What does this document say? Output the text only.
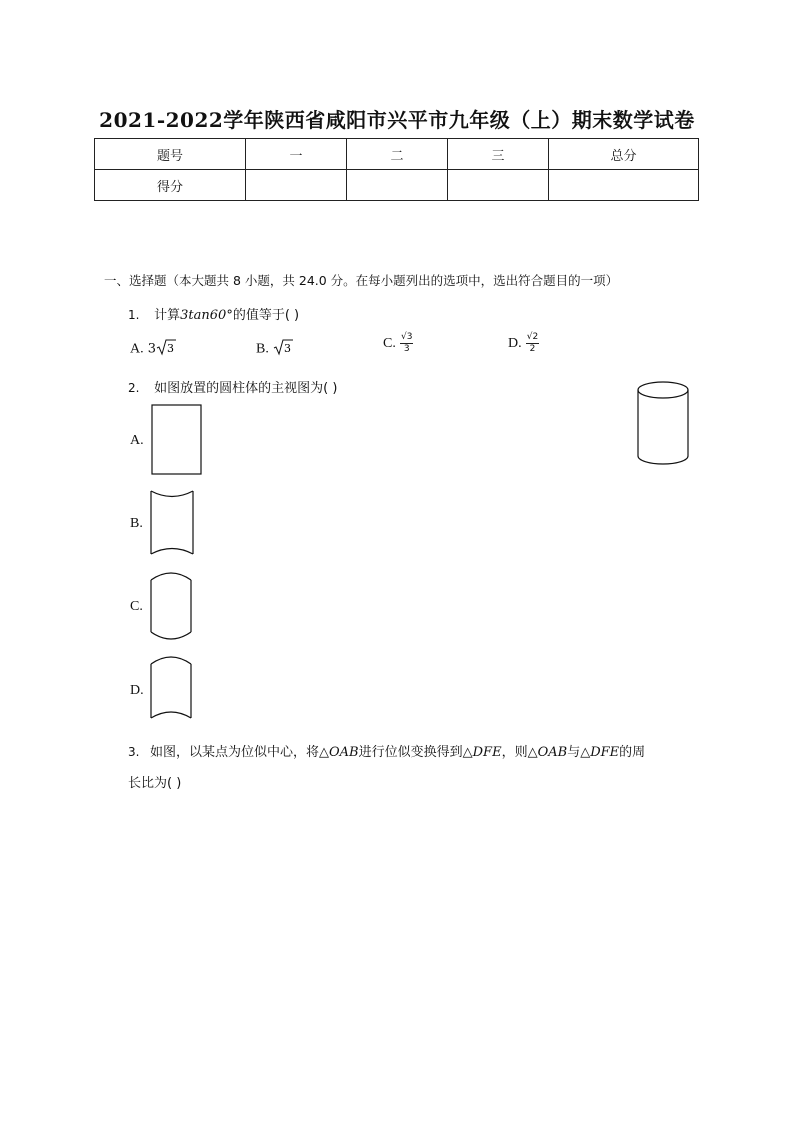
2021-2022学年陕西省咸阳市兴平市九年级（上）期末数学试卷
题号	一	二	三	总分
得分				
一、选择题（本大题共 8 小题，共 24.0 分。在每小题列出的选项中，选出符合题目的一项）
1. 计算3tan60°的值等于( )
A. 3 3	B. 3	C. $\frac{√3}{3}$	D. $\frac{√2}{2}$
2. 如图放置的圆柱体的主视图为( )
A.
B.
C.
D.
3. 如图，以某点为位似中心，将△OAB进行位似变换得到△DFE，则△OAB与△DFE的周
长比为( )
